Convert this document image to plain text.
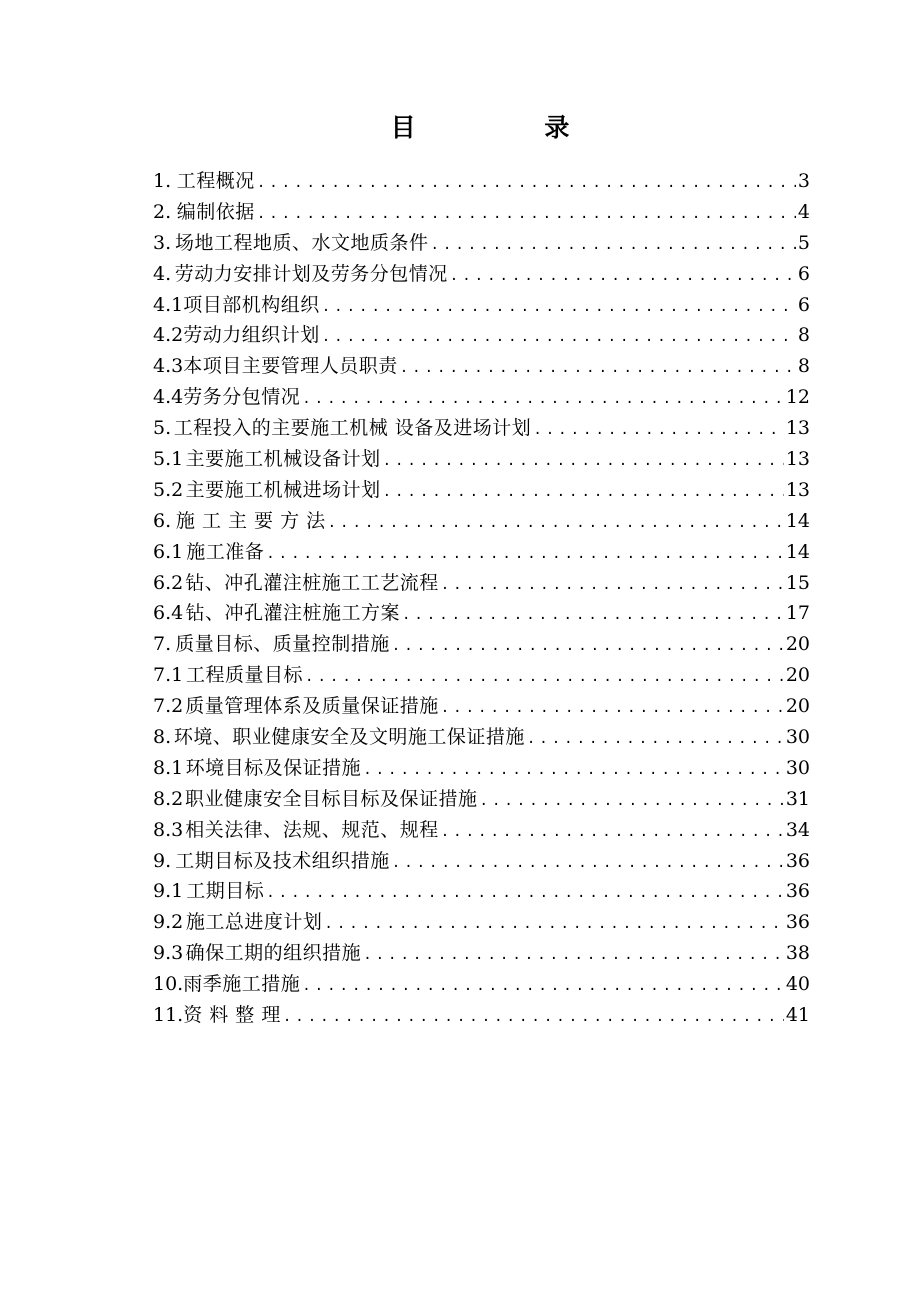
目 录
1. 工程概况 .....	3
2. 编制依据 .....	4
3. 场地工程地质、水文地质条件 .....	5
4. 劳动力安排计划及劳务分包情况 .....	6
4.1 项目部机构组织 .....	6
4.2 劳动力组织计划 .....	8
4.3 本项目主要管理人员职责 .....	8
4.4 劳务分包情况 .....	12
5. 工程投入的主要施工机械 设备及进场计划 .....	13
5.1 主要施工机械设备计划 .....	13
5.2 主要施工机械进场计划 .....	13
6. 施 工 主 要 方 法 .....	14
6.1 施工准备 .....	14
6.2 钻、冲孔灌注桩施工工艺流程 .....	15
6.4 钻、冲孔灌注桩施工方案 .....	17
7. 质量目标、质量控制措施 .....	20
7.1 工程质量目标 .....	20
7.2 质量管理体系及质量保证措施 .....	20
8. 环境、职业健康安全及文明施工保证措施 .....	30
8.1 环境目标及保证措施 .....	30
8.2 职业健康安全目标目标及保证措施 .....	31
8.3 相关法律、法规、规范、规程 .....	34
9. 工期目标及技术组织措施 .....	36
9.1 工期目标 .....	36
9.2 施工总进度计划 .....	36
9.3 确保工期的组织措施 .....	38
10. 雨季施工措施 .....	40
11. 资 料 整 理 .....	41
